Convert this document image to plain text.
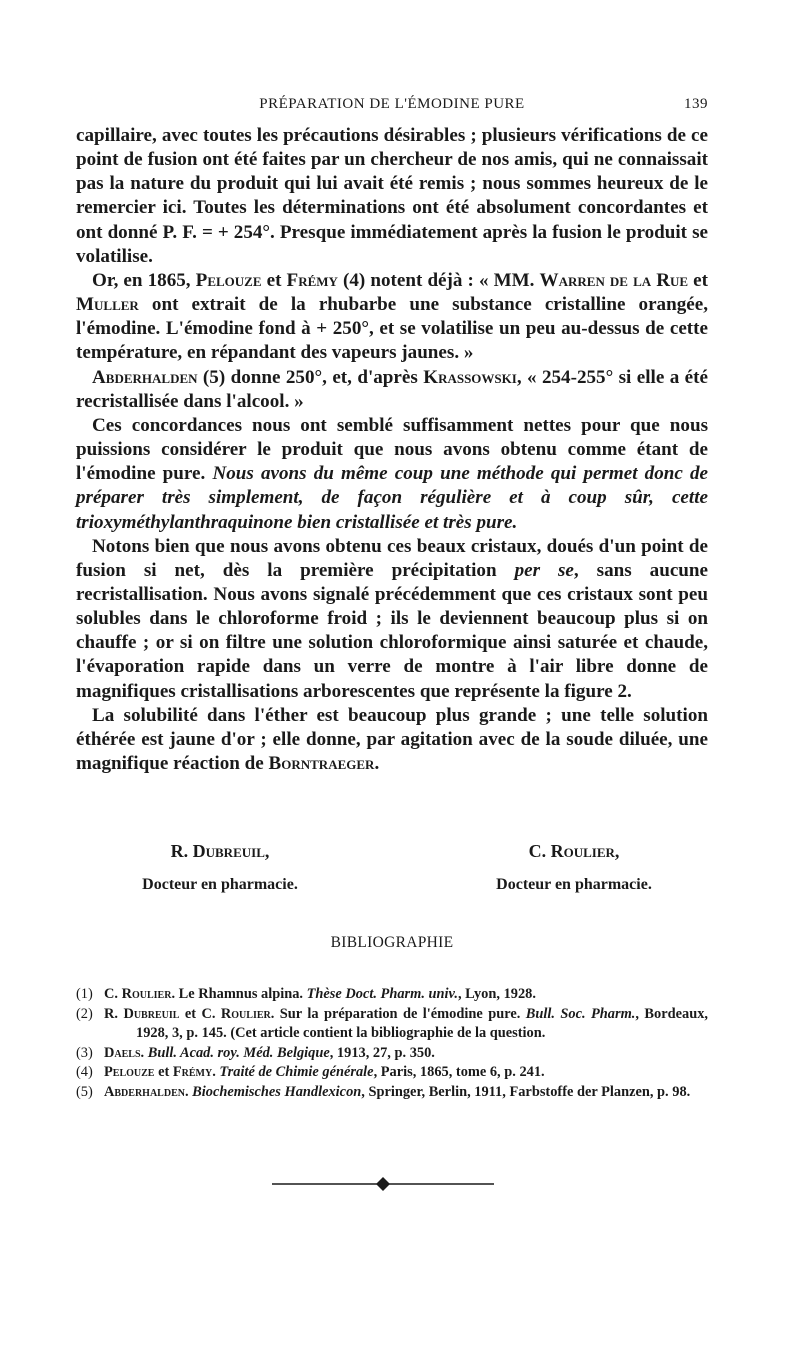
PRÉPARATION DE L'ÉMODINE PURE	139

capillaire, avec toutes les précautions désirables ; plusieurs vérifications de ce point de fusion ont été faites par un chercheur de nos amis, qui ne connaissait pas la nature du produit qui lui avait été remis ; nous sommes heureux de le remercier ici. Toutes les déterminations ont été absolument concordantes et ont donné P. F. = + 254°. Presque immédiatement après la fusion le produit se volatilise.

Or, en 1865, Pelouze et Frémy (4) notent déjà : « MM. Warren de la Rue et Muller ont extrait de la rhubarbe une substance cristalline orangée, l'émodine. L'émodine fond à + 250°, et se volatilise un peu au-dessus de cette température, en répandant des vapeurs jaunes. »

Abderhalden (5) donne 250°, et, d'après Krassowski, « 254-255° si elle a été recristallisée dans l'alcool. »

Ces concordances nous ont semblé suffisamment nettes pour que nous puissions considérer le produit que nous avons obtenu comme étant de l'émodine pure. Nous avons du même coup une méthode qui permet donc de préparer très simplement, de façon régulière et à coup sûr, cette trioxyméthylanthraquinone bien cristallisée et très pure.

Notons bien que nous avons obtenu ces beaux cristaux, doués d'un point de fusion si net, dès la première précipitation per se, sans aucune recristallisation. Nous avons signalé précédemment que ces cristaux sont peu solubles dans le chloroforme froid ; ils le deviennent beaucoup plus si on chauffe ; or si on filtre une solution chloroformique ainsi saturée et chaude, l'évaporation rapide dans un verre de montre à l'air libre donne de magnifiques cristallisations arborescentes que représente la figure 2.

La solubilité dans l'éther est beaucoup plus grande ; une telle solution éthérée est jaune d'or ; elle donne, par agitation avec de la soude diluée, une magnifique réaction de Borntraeger.

R. Dubreuil,
Docteur en pharmacie.
C. Roulier,
Docteur en pharmacie.
BIBLIOGRAPHIE
(1) C. Roulier. Le Rhamnus alpina. Thèse Doct. Pharm. univ., Lyon, 1928.
(2) R. Dubreuil et C. Roulier. Sur la préparation de l'émodine pure. Bull. Soc. Pharm., Bordeaux, 1928, 3, p. 145. (Cet article contient la bibliographie de la question.
(3) Daels. Bull. Acad. roy. Méd. Belgique, 1913, 27, p. 350.
(4) Pelouze et Frémy. Traité de Chimie générale, Paris, 1865, tome 6, p. 241.
(5) Abderhalden. Biochemisches Handlexicon, Springer, Berlin, 1911, Farbstoffe der Planzen, p. 98.
